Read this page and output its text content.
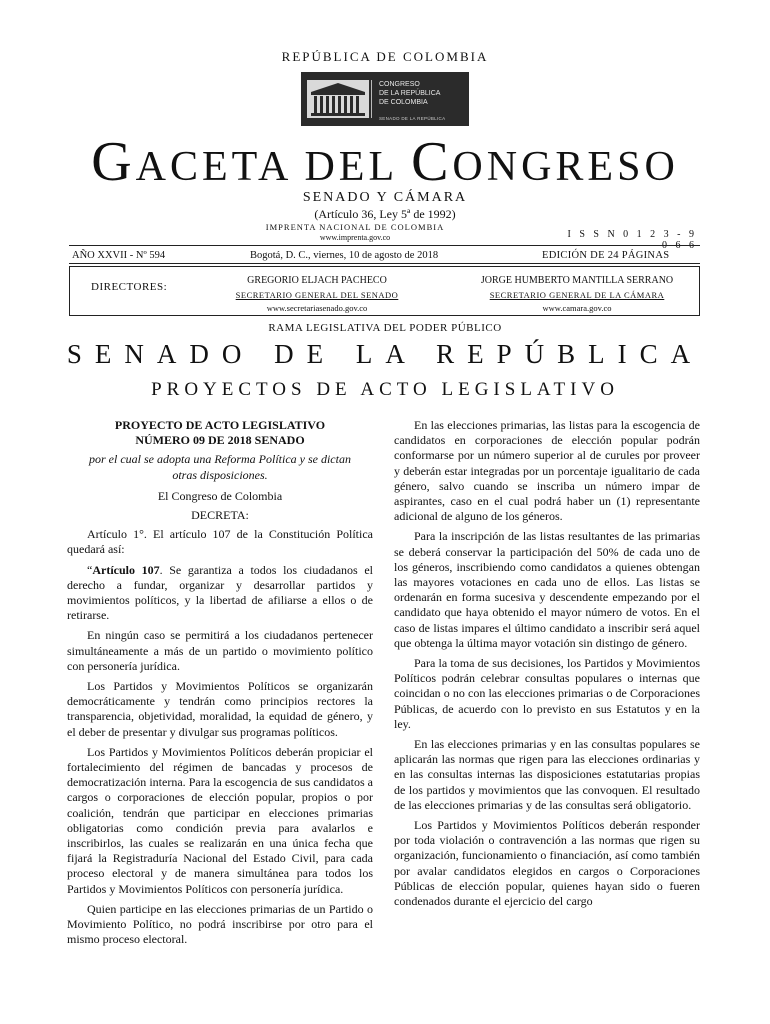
REPÚBLICA DE COLOMBIA
CONGRESO
DE LA REPÚBLICA
DE COLOMBIA
SENADO DE LA REPÚBLICA
GACETA DEL CONGRESO
SENADO Y CÁMARA
(Artículo 36, Ley 5ª de 1992)
IMPRENTA NACIONAL DE COLOMBIA
www.imprenta.gov.co	I S S N 0 1 2 3 - 9
AÑO XXVII - Nº 594	Bogotá, D. C., viernes, 10 de agosto de 2018	EDICIÓN DE 24 PÁGINAS
DIRECTORES:
GREGORIO ELJACH PACHECO
SECRETARIO GENERAL DEL SENADO
www.secretariasenado.gov.co
JORGE HUMBERTO MANTILLA SERRANO
SECRETARIO GENERAL DE LA CÁMARA
www.camara.gov.co
RAMA LEGISLATIVA DEL PODER PÚBLICO
SENADO DE LA REPÚBLICA
PROYECTOS DE ACTO LEGISLATIVO

PROYECTO DE ACTO LEGISLATIVO

NÚMERO 09 DE 2018 SENADO

por el cual se adopta una Reforma Política y se dictan otras disposiciones.

El Congreso de Colombia

DECRETA:

Artículo 1°. El artículo 107 de la Constitución Política quedará así:

“Artículo 107. Se garantiza a todos los ciudadanos el derecho a fundar, organizar y desarrollar partidos y movimientos políticos, y la libertad de afiliarse a ellos o de retirarse.

En ningún caso se permitirá a los ciudadanos pertenecer simultáneamente a más de un partido o movimiento político con personería jurídica.

Los Partidos y Movimientos Políticos se organizarán democráticamente y tendrán como principios rectores la transparencia, objetividad, moralidad, la equidad de género, y el deber de presentar y divulgar sus programas políticos.

Los Partidos y Movimientos Políticos deberán propiciar el fortalecimiento del régimen de bancadas y procesos de democratización interna. Para la escogencia de sus candidatos a cargos o corporaciones de elección popular, propios o por coalición, tendrán que participar en elecciones primarias obligatorias como condición previa para avalarlos e inscribirlos, las cuales se realizarán en una única fecha que fijará la Registraduría Nacional del Estado Civil, para cada proceso electoral y de manera simultánea para todos los Partidos y Movimientos Políticos con personería jurídica.

Quien participe en las elecciones primarias de un Partido o Movimiento Político, no podrá inscribirse por otro para el mismo proceso electoral.

En las elecciones primarias, las listas para la escogencia de candidatos en corporaciones de elección popular podrán conformarse por un número superior al de curules por proveer y deberán estar integradas por un porcentaje igualitario de cada género, salvo cuando se inscriba un número impar de aspirantes, caso en el cual podrá haber un (1) representante adicional de alguno de los géneros.

Para la inscripción de las listas resultantes de las primarias se deberá conservar la participación del 50% de cada uno de los géneros, inscribiendo como candidatos a quienes obtengan las mayores votaciones en cada uno de ellos. Las listas se ordenarán en forma sucesiva y descendente empezando por el candidato que haya obtenido el mayor número de votos. En el caso de listas impares el último candidato a inscribir será aquel que obtenga la última mayor votación sin distingo de género.

Para la toma de sus decisiones, los Partidos y Movimientos Políticos podrán celebrar consultas populares o internas que coincidan o no con las elecciones primarias o de Corporaciones Públicas, de acuerdo con lo previsto en sus Estatutos y en la ley.

En las elecciones primarias y en las consultas populares se aplicarán las normas que rigen para las elecciones ordinarias y en las consultas internas las disposiciones estatutarias propias de los partidos y movimientos que las convoquen. El resultado de las elecciones primarias y de las consultas será obligatorio.

Los Partidos y Movimientos Políticos deberán responder por toda violación o contravención a las normas que rigen su organización, funcionamiento o financiación, así como también por avalar candidatos elegidos en cargos o Corporaciones Públicas de elección popular, quienes hayan sido o fueren condenados durante el ejercicio del cargo
